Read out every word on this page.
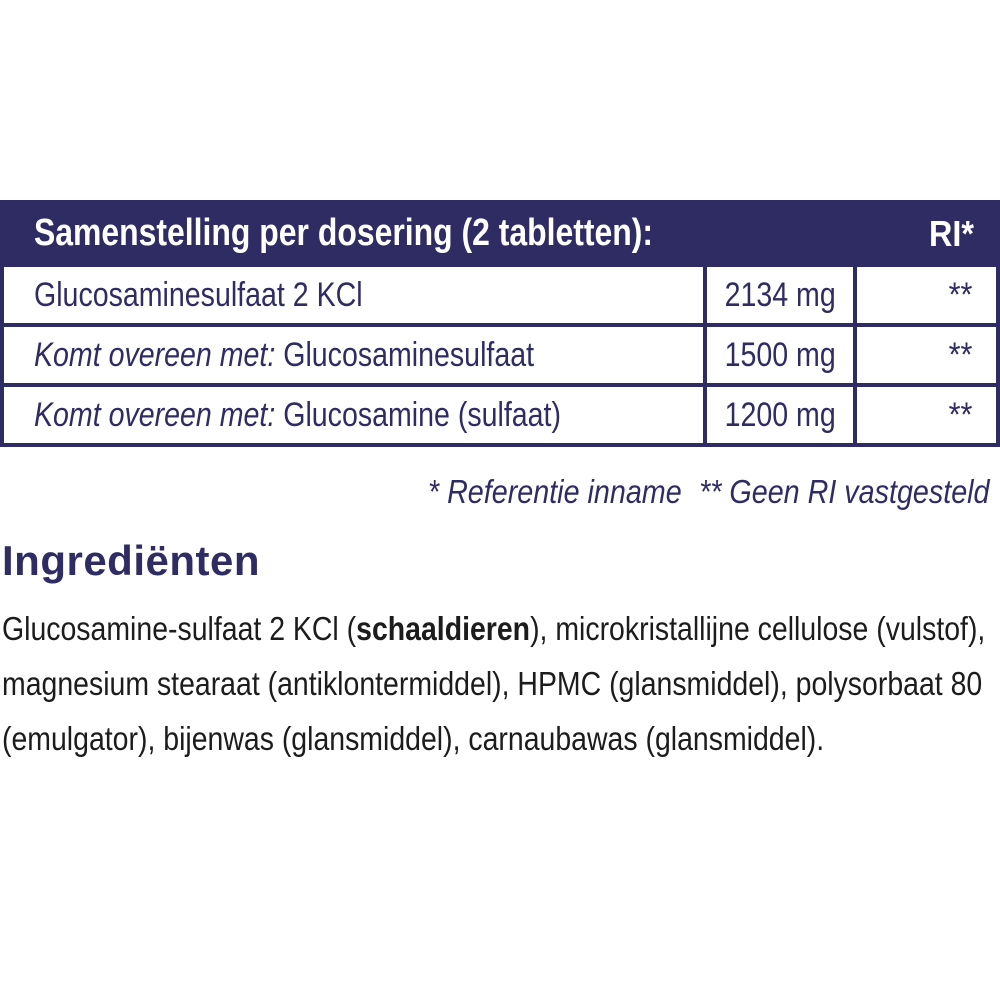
Samenstelling per dosering (2 tabletten):	RI*
Glucosaminesulfaat 2 KCl	2134 mg	**
Komt overeen met: Glucosaminesulfaat	1500 mg	**
Komt overeen met: Glucosamine (sulfaat)	1200 mg	**
* Referentie inname ** Geen RI vastgesteld
Ingrediënten
Glucosamine-sulfaat 2 KCl (schaaldieren), microkristallijne cellulose (vulstof), magnesium stearaat (antiklontermiddel), HPMC (glansmiddel), polysorbaat 80 (emulgator), bijenwas (glansmiddel), carnaubawas (glansmiddel).
